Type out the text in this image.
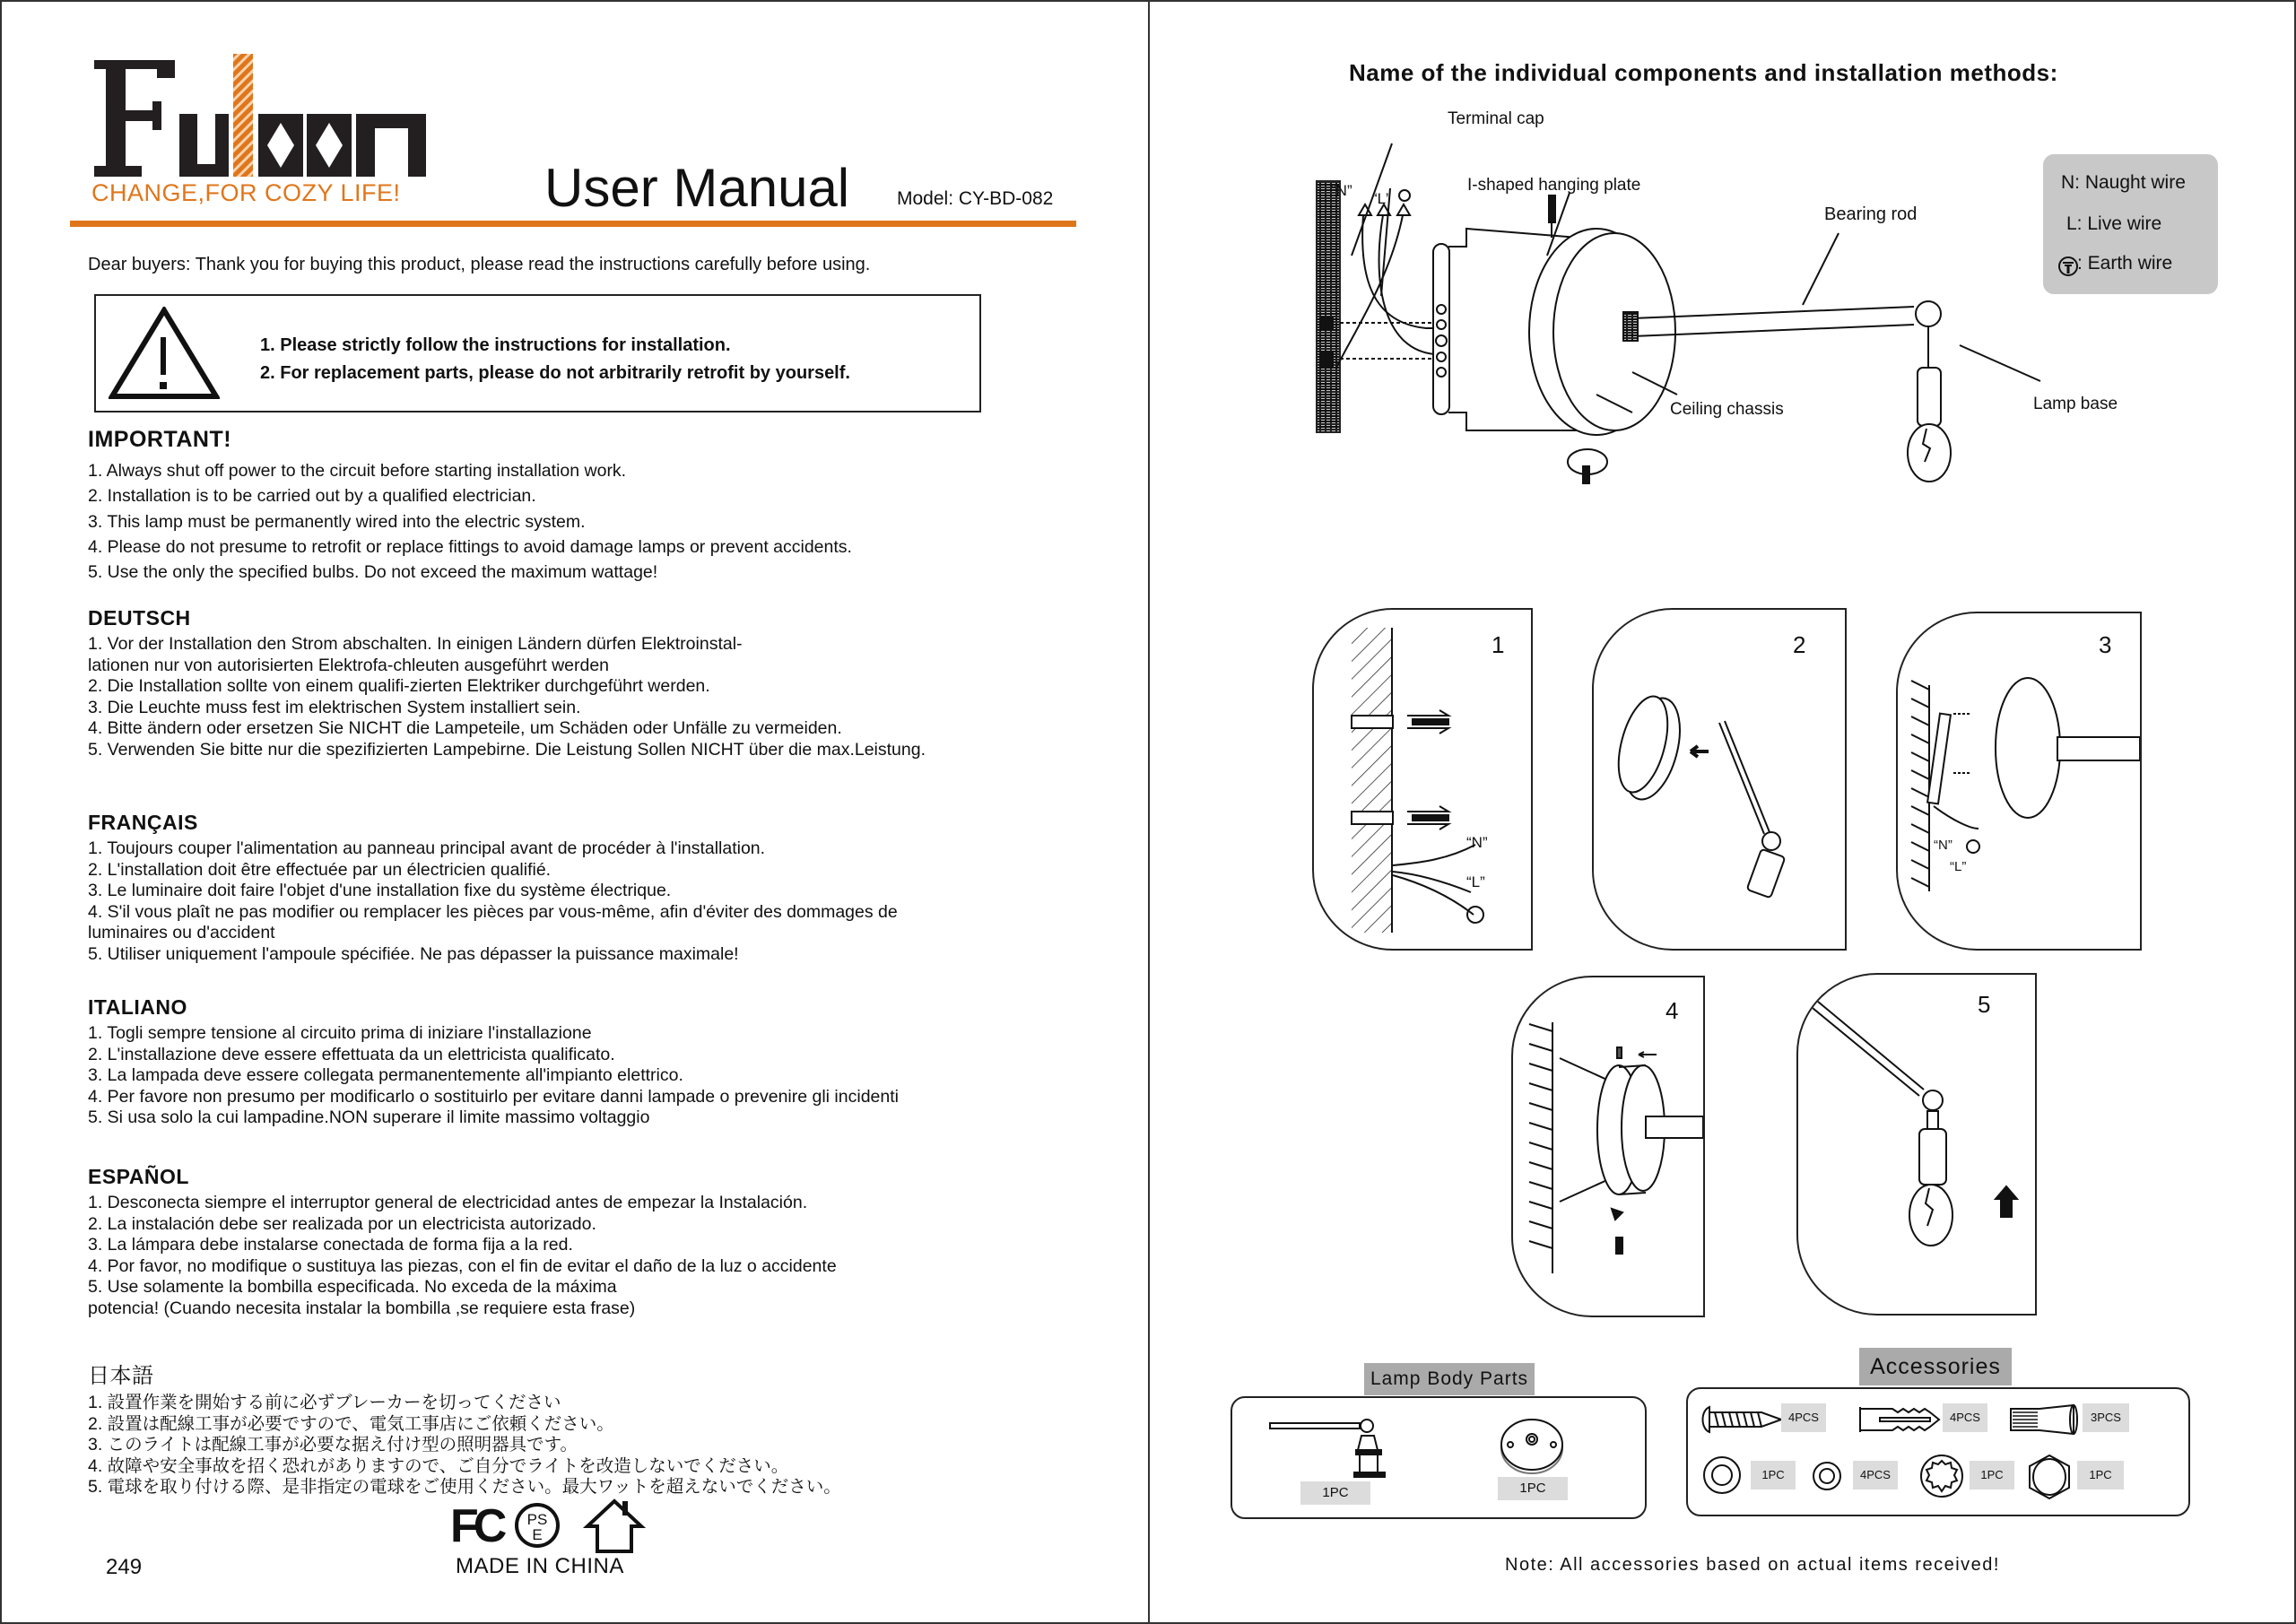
CHANGE,FOR COZY LIFE!	User Manual	Model: CY-BD-082
Dear buyers: Thank you for buying this product, please read the instructions carefully before using.
1. Please strictly follow the instructions for installation.
2. For replacement parts, please do not arbitrarily retrofit by yourself.
IMPORTANT!
1. Always shut off power to the circuit before starting installation work.
2. Installation is to be carried out by a qualified electrician.
3. This lamp must be permanently wired into the electric system.
4. Please do not presume to retrofit or replace fittings to avoid damage lamps or prevent accidents.
5. Use the only the specified bulbs. Do not exceed the maximum wattage!
DEUTSCH
1. Vor der Installation den Strom abschalten. In einigen Ländern dürfen Elektroinstal-
lationen nur von autorisierten Elektrofa-chleuten ausgeführt werden
2. Die Installation sollte von einem qualifi-zierten Elektriker durchgeführt werden.
3. Die Leuchte muss fest im elektrischen System installiert sein.
4. Bitte ändern oder ersetzen Sie NICHT die Lampeteile, um Schäden oder Unfälle zu vermeiden.
5. Verwenden Sie bitte nur die spezifizierten Lampebirne. Die Leistung Sollen NICHT über die max.Leistung.
FRANÇAIS
1. Toujours couper l'alimentation au panneau principal avant de procéder à l'installation.
2. L'installation doit être effectuée par un électricien qualifié.
3. Le luminaire doit faire l'objet d'une installation fixe du système électrique.
4. S'il vous plaît ne pas modifier ou remplacer les pièces par vous-même, afin d'éviter des dommages de
luminaires ou d'accident
5. Utiliser uniquement l'ampoule spécifiée. Ne pas dépasser la puissance maximale!
ITALIANO
1. Togli sempre tensione al circuito prima di iniziare l'installazione
2. L'installazione deve essere effettuata da un elettricista qualificato.
3. La lampada deve essere collegata permanentemente all'impianto elettrico.
4. Per favore non presumo per modificarlo o sostituirlo per evitare danni lampade o prevenire gli incidenti
5. Si usa solo la cui lampadine.NON superare il limite massimo voltaggio
ESPAÑOL
1. Desconecta siempre el interruptor general de electricidad antes de empezar la Instalación.
2. La instalación debe ser realizada por un electricista autorizado.
3. La lámpara debe instalarse conectada de forma fija a la red.
4. Por favor, no modifique o sustituya las piezas, con el fin de evitar el daño de la luz o accidente
5. Use solamente la bombilla especificada. No exceda de la máxima
potencia! (Cuando necesita instalar la bombilla ,se requiere esta frase)
日本語
1. 設置作業を開始する前に必ずブレーカーを切ってください
2. 設置は配線工事が必要ですので、電気工事店にご依頼ください。
3. このライトは配線工事が必要な据え付け型の照明器具です。
4. 故障や安全事故を招く恐れがありますので、ご自分でライトを改造しないでください。
5. 電球を取り付ける際、是非指定の電球をご使用ください。最大ワットを超えないでください。
FC	PSE
MADE IN CHINA
249
Name of the individual components and installation methods:
Terminal cap
I-shaped hanging plate
Bearing rod
Ceiling chassis	Lamp base
“N” “L”
N: Naught wire
L: Live wire
: Earth wire
1
“N”
“L”
2	3
“N”
“L”
4	5
Lamp Body Parts
1PC	1PC
Accessories
4PCS	4PCS	3PCS
1PC	4PCS	1PC	1PC
Note: All accessories based on actual items received!
